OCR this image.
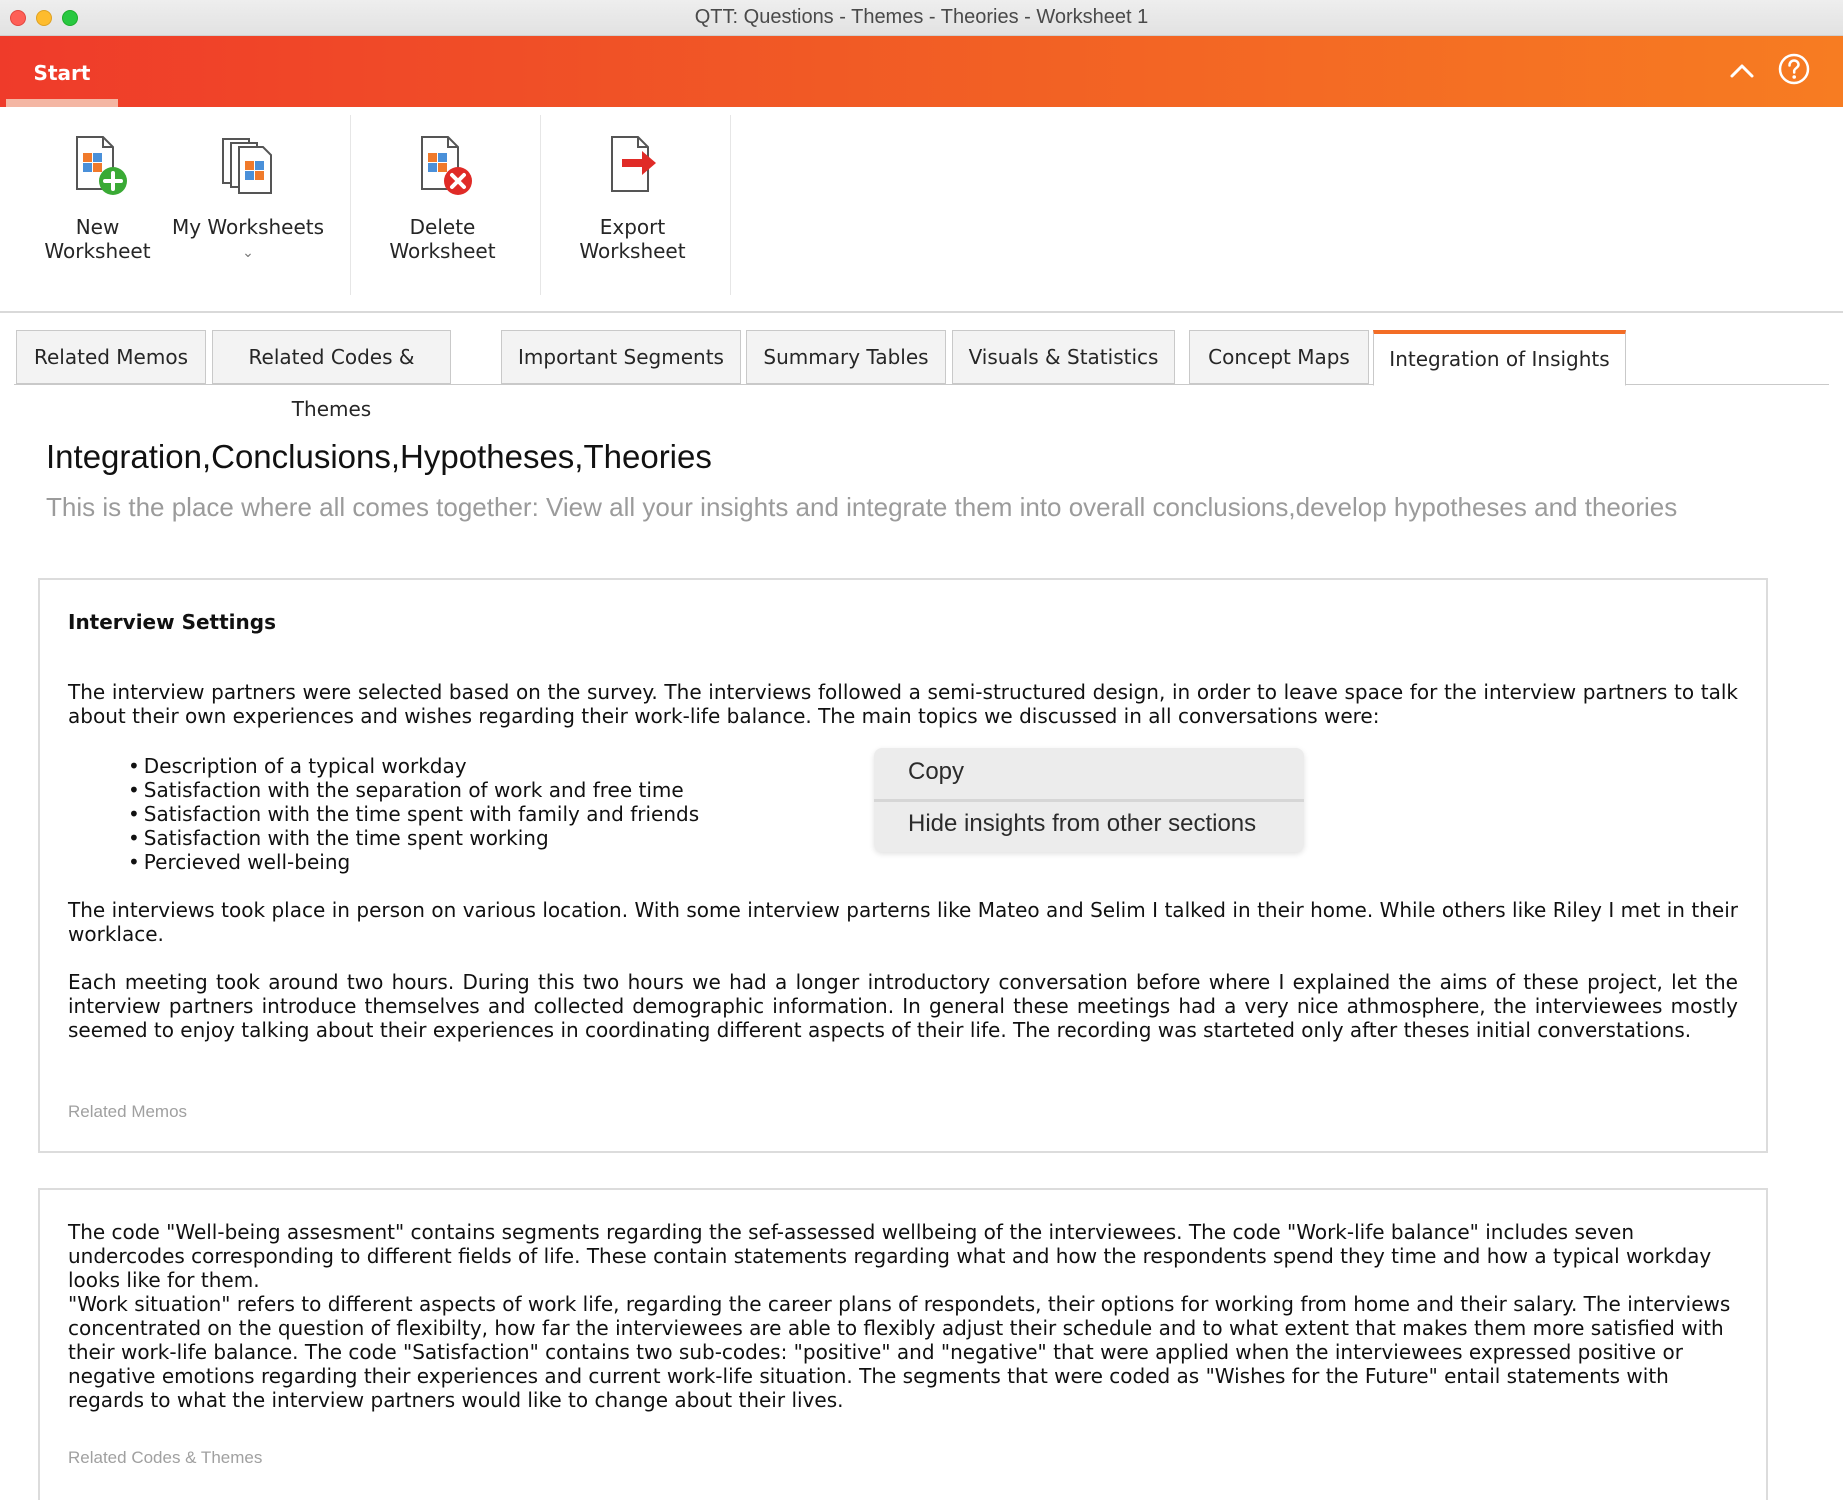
QTT: Questions - Themes - Theories - Worksheet 1
Start
New
Worksheet
My Worksheets
⌄
Delete
Worksheet
Export
Worksheet
Related Memos	Related Codes & Themes
Important Segments	Summary Tables	Visuals & Statistics	Concept Maps	Integration of Insights
Integration,Conclusions,Hypotheses,Theories
This is the place where all comes together: View all your insights and integrate them into overall conclusions,develop hypotheses and theories
Interview Settings
The interview partners were selected based on the survey. The interviews followed a semi-structured design, in order to leave space for the interview partners to talk about their own experiences and wishes regarding their work-life balance. The main topics we discussed in all conversations were:
• Description of a typical workday
• Satisfaction with the separation of work and free time
• Satisfaction with the time spent with family and friends
• Satisfaction with the time spent working
• Percieved well-being
The interviews took place in person on various location. With some interview parterns like Mateo and Selim I talked in their home. While others like Riley I met in their worklace.
Each meeting took around two hours. During this two hours we had a longer introductory conversation before where I explained the aims of these project, let the interview partners introduce themselves and collected demographic information. In general these meetings had a very nice athmosphere, the interviewees mostly seemed to enjoy talking about their experiences in coordinating different aspects of their life. The recording was starteted only after theses initial converstations.
Related Memos
The code "Well-being assesment" contains segments regarding the sef-assessed wellbeing of the interviewees. The code "Work-life balance" includes seven undercodes corresponding to different fields of life. These contain statements regarding what and how the respondents spend they time and how a typical workday looks like for them.
"Work situation" refers to different aspects of work life, regarding the career plans of respondets, their options for working from home and their salary. The interviews concentrated on the question of flexibilty, how far the interviewees are able to flexibly adjust their schedule and to what extent that makes them more satisfied with their work-life balance. The code "Satisfaction" contains two sub-codes: "positive" and "negative" that were applied when the interviewees expressed positive or negative emotions regarding their experiences and current work-life situation. The segments that were coded as "Wishes for the Future" entail statements with regards to what the interview partners would like to change about their lives.
Related Codes & Themes
Copy
Hide insights from other sections
